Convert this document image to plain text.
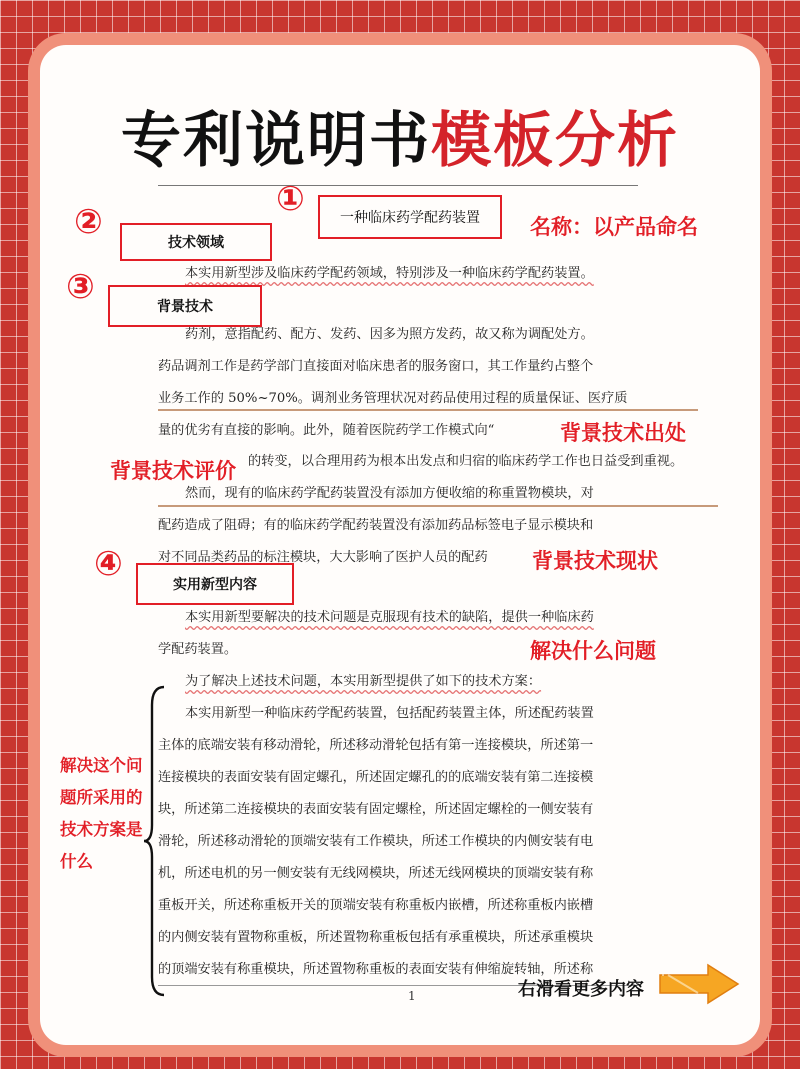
专利说明书模板分析
①	一种临床药学配药装置 名称：以产品命名
②
技术领域
本实用新型涉及临床药学配药领域，特别涉及一种临床药学配药装置。
③	背景技术
药剂，意指配药、配方、发药、因多为照方发药，故又称为调配处方。
药品调剂工作是药学部门直接面对临床患者的服务窗口，其工作量约占整个
业务工作的 50%~70%。调剂业务管理状况对药品使用过程的质量保证、医疗质
量的优劣有直接的影响。此外，随着医院药学工作模式向“	背景技术出处
背景技术评价 的转变，以合理用药为根本出发点和归宿的临床药学工作也日益受到重视。
然而，现有的临床药学配药装置没有添加方便收缩的称重置物模块，对
配药造成了阻碍；有的临床药学配药装置没有添加药品标签电子显示模块和
对不同品类药品的标注模块，大大影响了医护人员的配药	背景技术现状
④
实用新型内容
本实用新型要解决的技术问题是克服现有技术的缺陷，提供一种临床药
学配药装置。	解决什么问题
为了解决上述技术问题，本实用新型提供了如下的技术方案：
本实用新型一种临床药学配药装置，包括配药装置主体，所述配药装置
主体的底端安装有移动滑轮，所述移动滑轮包括有第一连接模块，所述第一
连接模块的表面安装有固定螺孔，所述固定螺孔的的底端安装有第二连接模
块，所述第二连接模块的表面安装有固定螺栓，所述固定螺栓的一侧安装有
滑轮，所述移动滑轮的顶端安装有工作模块，所述工作模块的内侧安装有电
机，所述电机的另一侧安装有无线网模块，所述无线网模块的顶端安装有称
重板开关，所述称重板开关的顶端安装有称重板内嵌槽，所述称重板内嵌槽
的内侧安装有置物称重板，所述置物称重板包括有承重模块，所述承重模块
的顶端安装有称重模块，所述置物称重板的表面安装有伸缩旋转轴，所述称
解决这个问题所采用的技术方案是什么
1	右滑看更多内容
